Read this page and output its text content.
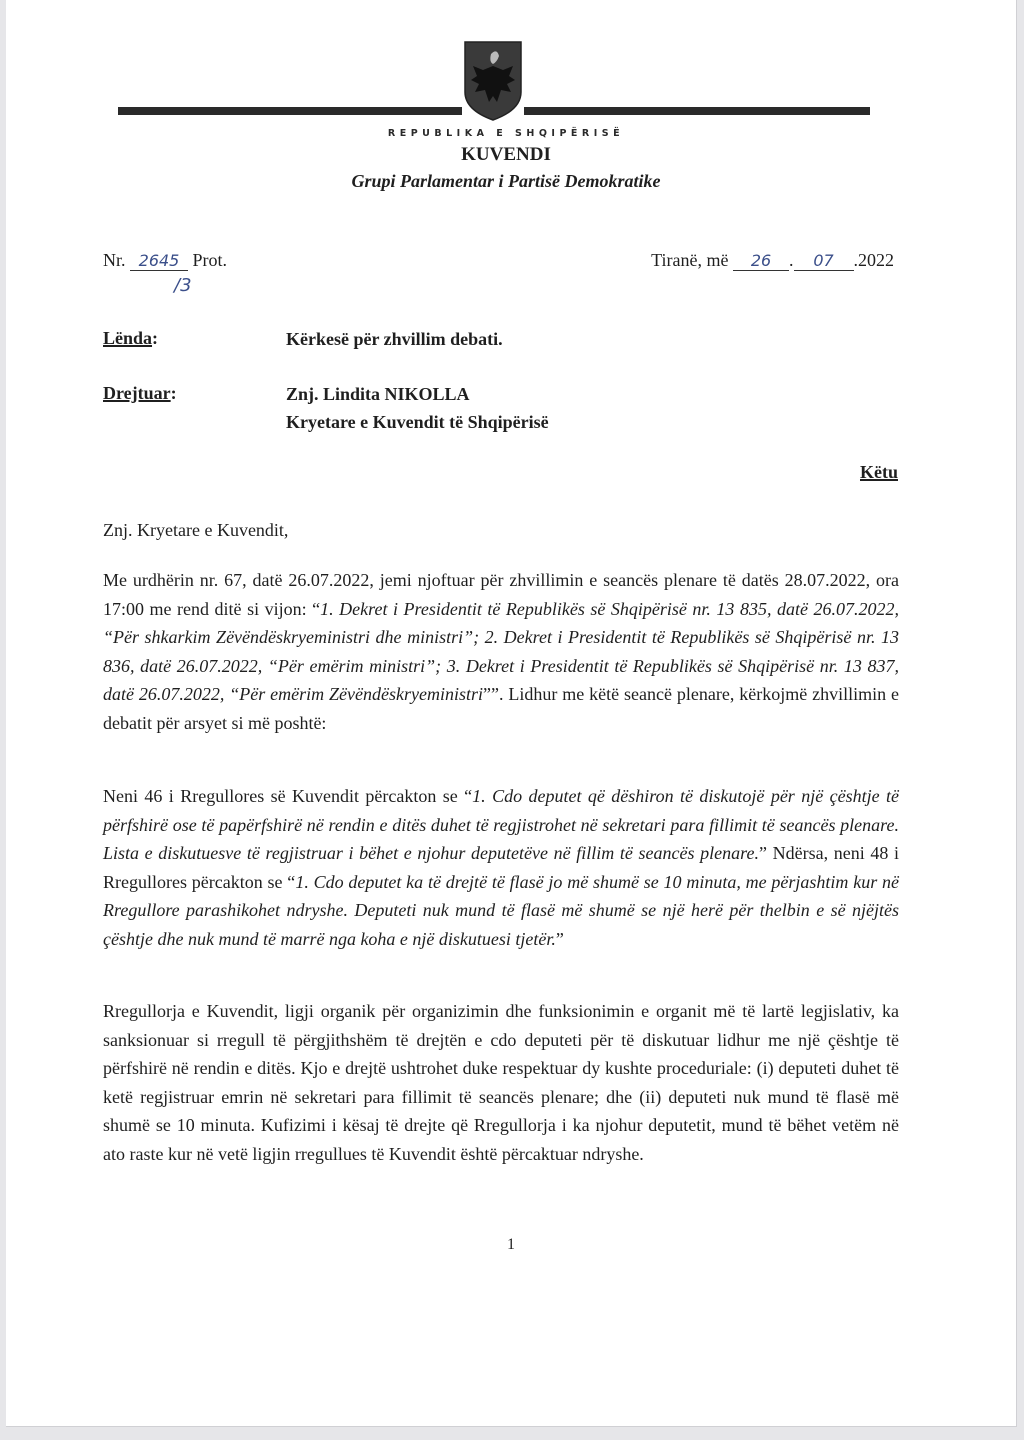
REPUBLIKA E SHQIPËRISË
KUVENDI
Grupi Parlamentar i Partisë Demokratike
Nr. 2645 Prot.
/3
Tiranë, më 26 . 07 .2022
Lënda:	Kërkesë për zhvillim debati.
Drejtuar:	Znj. Lindita NIKOLLA
Kryetare e Kuvendit të Shqipërisë
Këtu
Znj. Kryetare e Kuvendit,
Me urdhërin nr. 67, datë 26.07.2022, jemi njoftuar për zhvillimin e seancës plenare të datës 28.07.2022, ora 17:00 me rend ditë si vijon: “1. Dekret i Presidentit të Republikës së Shqipërisë nr. 13 835, datë 26.07.2022, “Për shkarkim Zëvëndëskryeministri dhe ministri”; 2. Dekret i Presidentit të Republikës së Shqipërisë nr. 13 836, datë 26.07.2022, “Për emërim ministri”; 3. Dekret i Presidentit të Republikës së Shqipërisë nr. 13 837, datë 26.07.2022, “Për emërim Zëvëndëskryeministri””. Lidhur me këtë seancë plenare, kërkojmë zhvillimin e debatit për arsyet si më poshtë:
Neni 46 i Rregullores së Kuvendit përcakton se “1. Cdo deputet që dëshiron të diskutojë për një çështje të përfshirë ose të papërfshirë në rendin e ditës duhet të regjistrohet në sekretari para fillimit të seancës plenare. Lista e diskutuesve të regjistruar i bëhet e njohur deputetëve në fillim të seancës plenare.” Ndërsa, neni 48 i Rregullores përcakton se “1. Cdo deputet ka të drejtë të flasë jo më shumë se 10 minuta, me përjashtim kur në Rregullore parashikohet ndryshe. Deputeti nuk mund të flasë më shumë se një herë për thelbin e së njëjtës çështje dhe nuk mund të marrë nga koha e një diskutuesi tjetër.”
Rregullorja e Kuvendit, ligji organik për organizimin dhe funksionimin e organit më të lartë legjislativ, ka sanksionuar si rregull të përgjithshëm të drejtën e cdo deputeti për të diskutuar lidhur me një çështje të përfshirë në rendin e ditës. Kjo e drejtë ushtrohet duke respektuar dy kushte proceduriale: (i) deputeti duhet të ketë regjistruar emrin në sekretari para fillimit të seancës plenare; dhe (ii) deputeti nuk mund të flasë më shumë se 10 minuta. Kufizimi i kësaj të drejte që Rregullorja i ka njohur deputetit, mund të bëhet vetëm në ato raste kur në vetë ligjin rregullues të Kuvendit është përcaktuar ndryshe.
1
